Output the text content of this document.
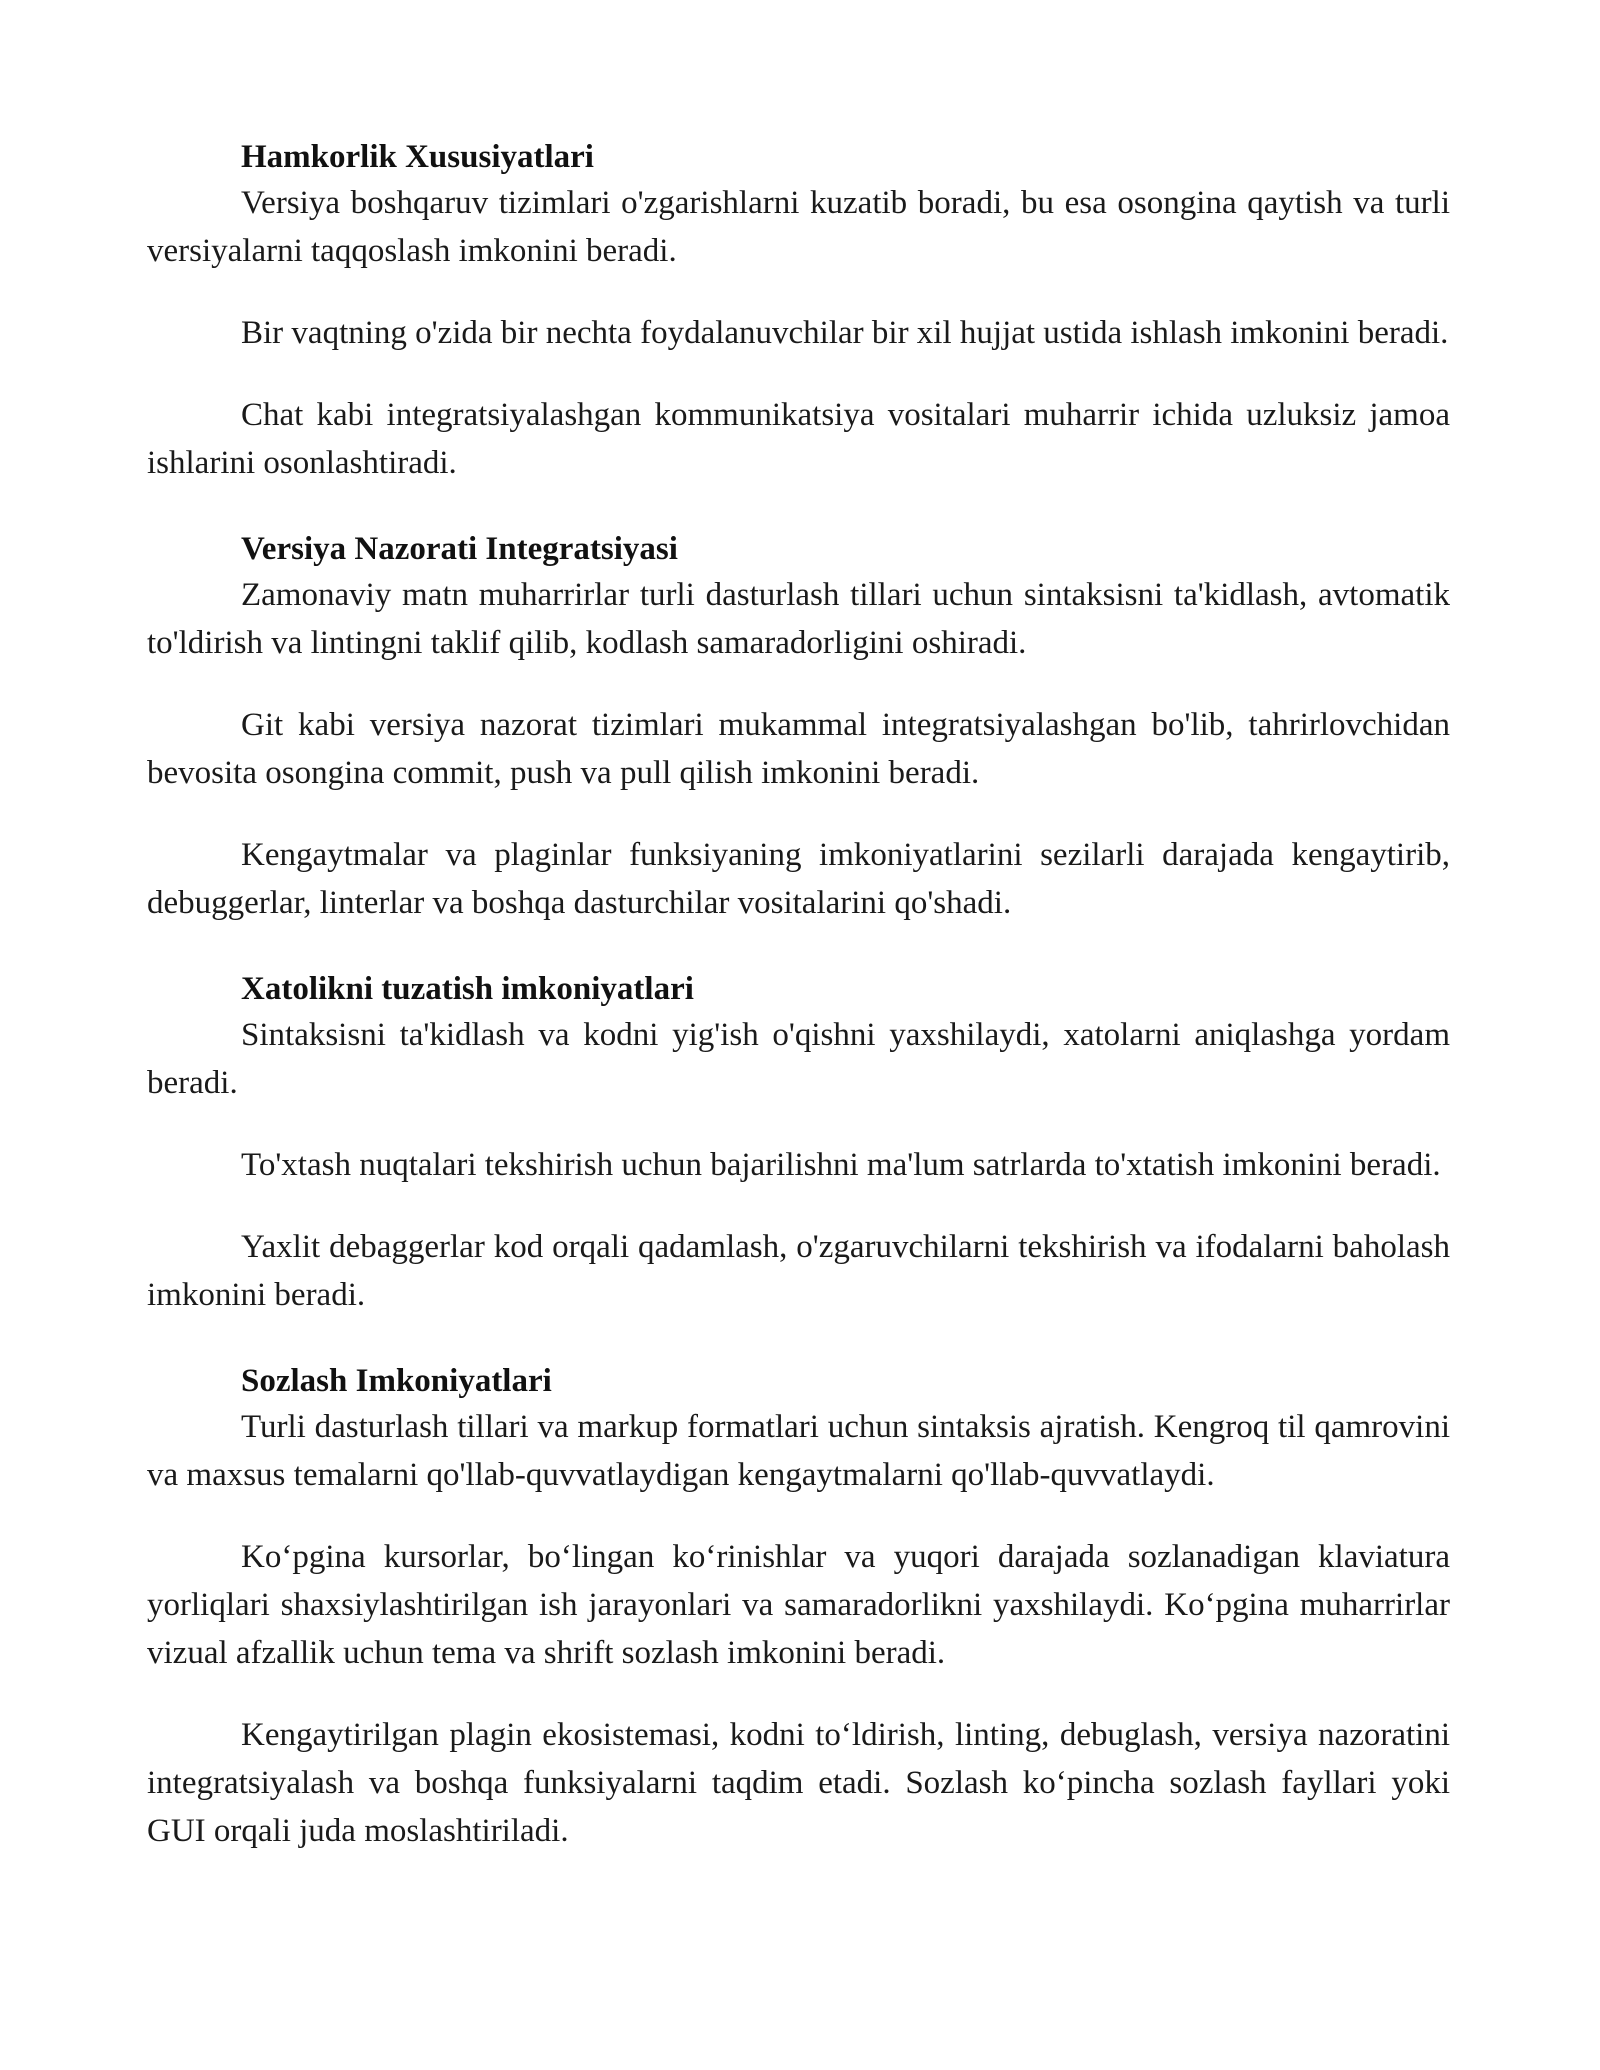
Hamkorlik Xususiyatlari

Versiya boshqaruv tizimlari o'zgarishlarni kuzatib boradi, bu esa osongina qaytish va turli versiyalarni taqqoslash imkonini beradi.

Bir vaqtning o'zida bir nechta foydalanuvchilar bir xil hujjat ustida ishlash imkonini beradi.

Chat kabi integratsiyalashgan kommunikatsiya vositalari muharrir ichida uzluksiz jamoa ishlarini osonlashtiradi.

Versiya Nazorati Integratsiyasi

Zamonaviy matn muharrirlar turli dasturlash tillari uchun sintaksisni ta'kidlash, avtomatik to'ldirish va lintingni taklif qilib, kodlash samaradorligini oshiradi.

Git kabi versiya nazorat tizimlari mukammal integratsiyalashgan bo'lib, tahrirlovchidan bevosita osongina commit, push va pull qilish imkonini beradi.

Kengaytmalar va plaginlar funksiyaning imkoniyatlarini sezilarli darajada kengaytirib, debuggerlar, linterlar va boshqa dasturchilar vositalarini qo'shadi.

Xatolikni tuzatish imkoniyatlari

Sintaksisni ta'kidlash va kodni yig'ish o'qishni yaxshilaydi, xatolarni aniqlashga yordam beradi.

To'xtash nuqtalari tekshirish uchun bajarilishni ma'lum satrlarda to'xtatish imkonini beradi.

Yaxlit debaggerlar kod orqali qadamlash, o'zgaruvchilarni tekshirish va ifodalarni baholash imkonini beradi.

Sozlash Imkoniyatlari

Turli dasturlash tillari va markup formatlari uchun sintaksis ajratish. Kengroq til qamrovini va maxsus temalarni qo'llab-quvvatlaydigan kengaytmalarni qo'llab-quvvatlaydi.

Ko‘pgina kursorlar, bo‘lingan ko‘rinishlar va yuqori darajada sozlanadigan klaviatura yorliqlari shaxsiylashtirilgan ish jarayonlari va samaradorlikni yaxshilaydi. Ko‘pgina muharrirlar vizual afzallik uchun tema va shrift sozlash imkonini beradi.

Kengaytirilgan plagin ekosistemasi, kodni to‘ldirish, linting, debuglash, versiya nazoratini integratsiyalash va boshqa funksiyalarni taqdim etadi. Sozlash ko‘pincha sozlash fayllari yoki GUI orqali juda moslashtiriladi.
